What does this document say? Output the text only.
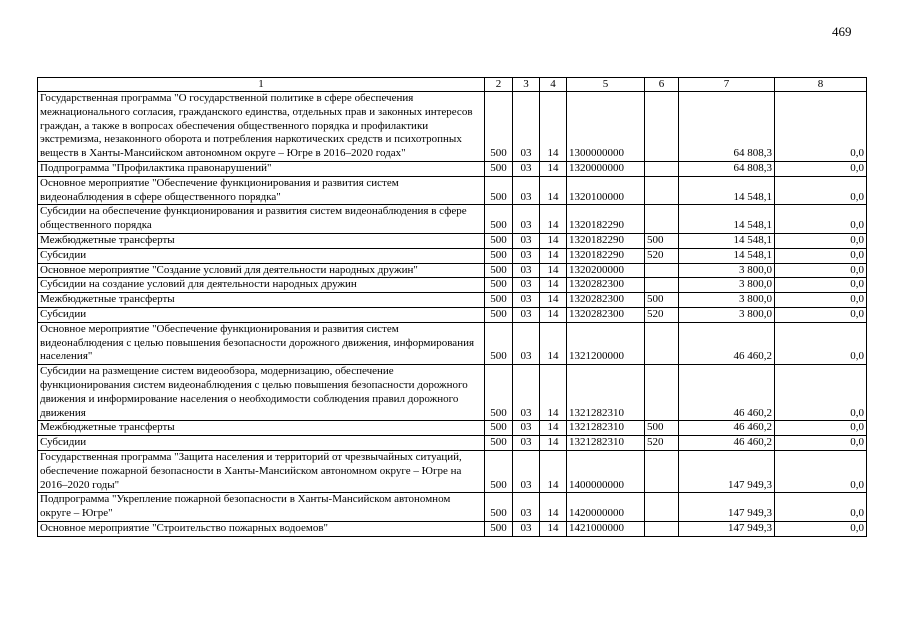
469
1	2	3	4	5	6	7	8
Государственная программа "О государственной политике в сфере обеспечения межнационального согласия, гражданского единства, отдельных прав и законных интересов граждан, а также в вопросах обеспечения общественного порядка и профилактики экстремизма, незаконного оборота и потребления наркотических средств и психотропных веществ в Ханты-Мансийском автономном округе – Югре в 2016–2020 годах"	500	03	14	1300000000		64 808,3	0,0
Подпрограмма "Профилактика правонарушений"	500	03	14	1320000000		64 808,3	0,0
Основное мероприятие "Обеспечение функционирования и развития систем видеонаблюдения в сфере общественного порядка"	500	03	14	1320100000		14 548,1	0,0
Субсидии на обеспечение функционирования и развития систем видеонаблюдения в сфере общественного порядка	500	03	14	1320182290		14 548,1	0,0
Межбюджетные трансферты	500	03	14	1320182290	500	14 548,1	0,0
Субсидии	500	03	14	1320182290	520	14 548,1	0,0
Основное мероприятие "Создание условий для деятельности народных дружин"	500	03	14	1320200000		3 800,0	0,0
Субсидии на создание условий для деятельности народных дружин	500	03	14	1320282300		3 800,0	0,0
Межбюджетные трансферты	500	03	14	1320282300	500	3 800,0	0,0
Субсидии	500	03	14	1320282300	520	3 800,0	0,0
Основное мероприятие "Обеспечение функционирования и развития систем видеонаблюдения с целью повышения безопасности дорожного движения, информирования населения"	500	03	14	1321200000		46 460,2	0,0
Субсидии на размещение систем видеообзора, модернизацию, обеспечение функционирования систем видеонаблюдения с целью повышения безопасности дорожного движения и информирование населения о необходимости соблюдения правил дорожного движения	500	03	14	1321282310		46 460,2	0,0
Межбюджетные трансферты	500	03	14	1321282310	500	46 460,2	0,0
Субсидии	500	03	14	1321282310	520	46 460,2	0,0
Государственная программа "Защита населения и территорий от чрезвычайных ситуаций, обеспечение пожарной безопасности в Ханты-Мансийском автономном округе – Югре на 2016–2020 годы"	500	03	14	1400000000		147 949,3	0,0
Подпрограмма "Укрепление пожарной безопасности в Ханты-Мансийском автономном округе – Югре"	500	03	14	1420000000		147 949,3	0,0
Основное мероприятие "Строительство пожарных водоемов"	500	03	14	1421000000		147 949,3	0,0
